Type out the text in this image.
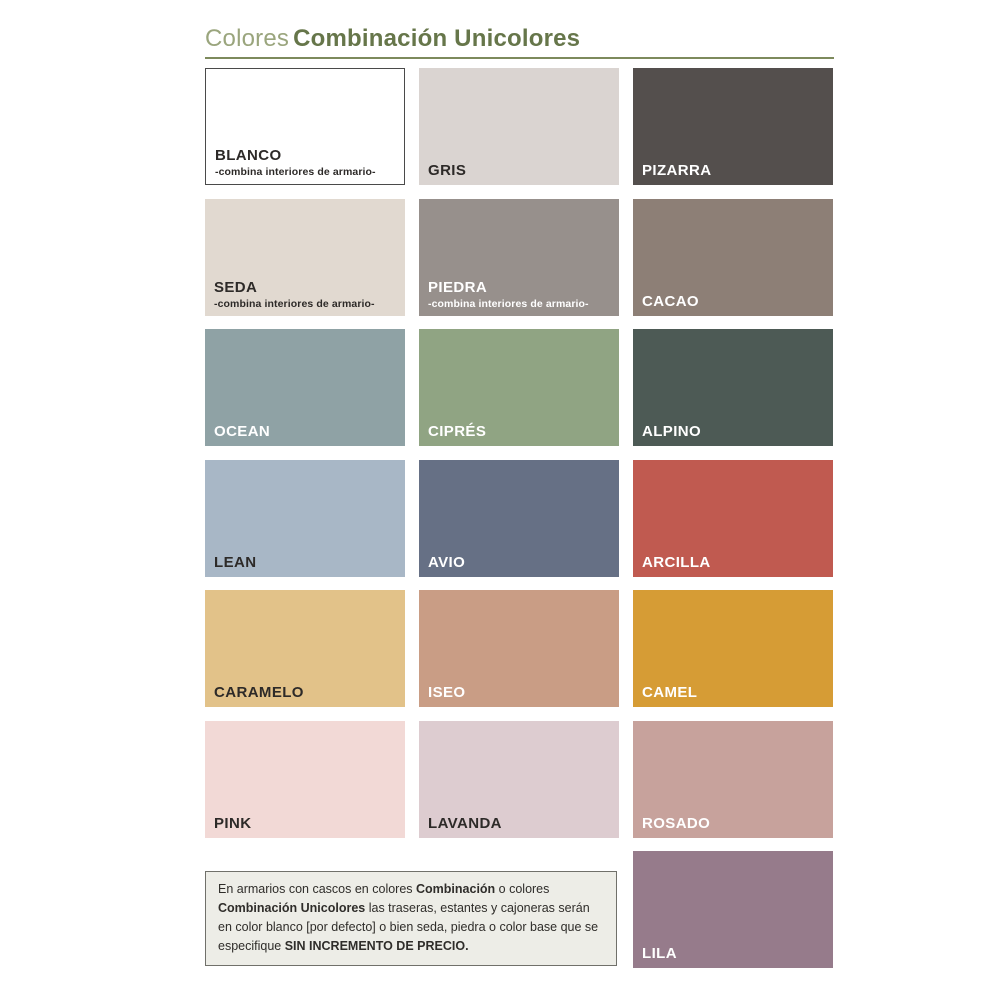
Colores Combinación Unicolores
BLANCO
-combina interiores de armario-	GRIS	PIZARRA
SEDA
-combina interiores de armario-
PIEDRA
-combina interiores de armario-	CACAO
OCEAN	CIPRÉS	ALPINO
LEAN	AVIO	ARCILLA
CARAMELO	ISEO	CAMEL
PINK	LAVANDA	ROSADO
En armarios con cascos en colores Combinación o colores Combinación Unicolores las traseras, estantes y cajoneras serán en color blanco [por defecto] o bien seda, piedra o color base que se especifique SIN INCREMENTO DE PRECIO.	LILA
